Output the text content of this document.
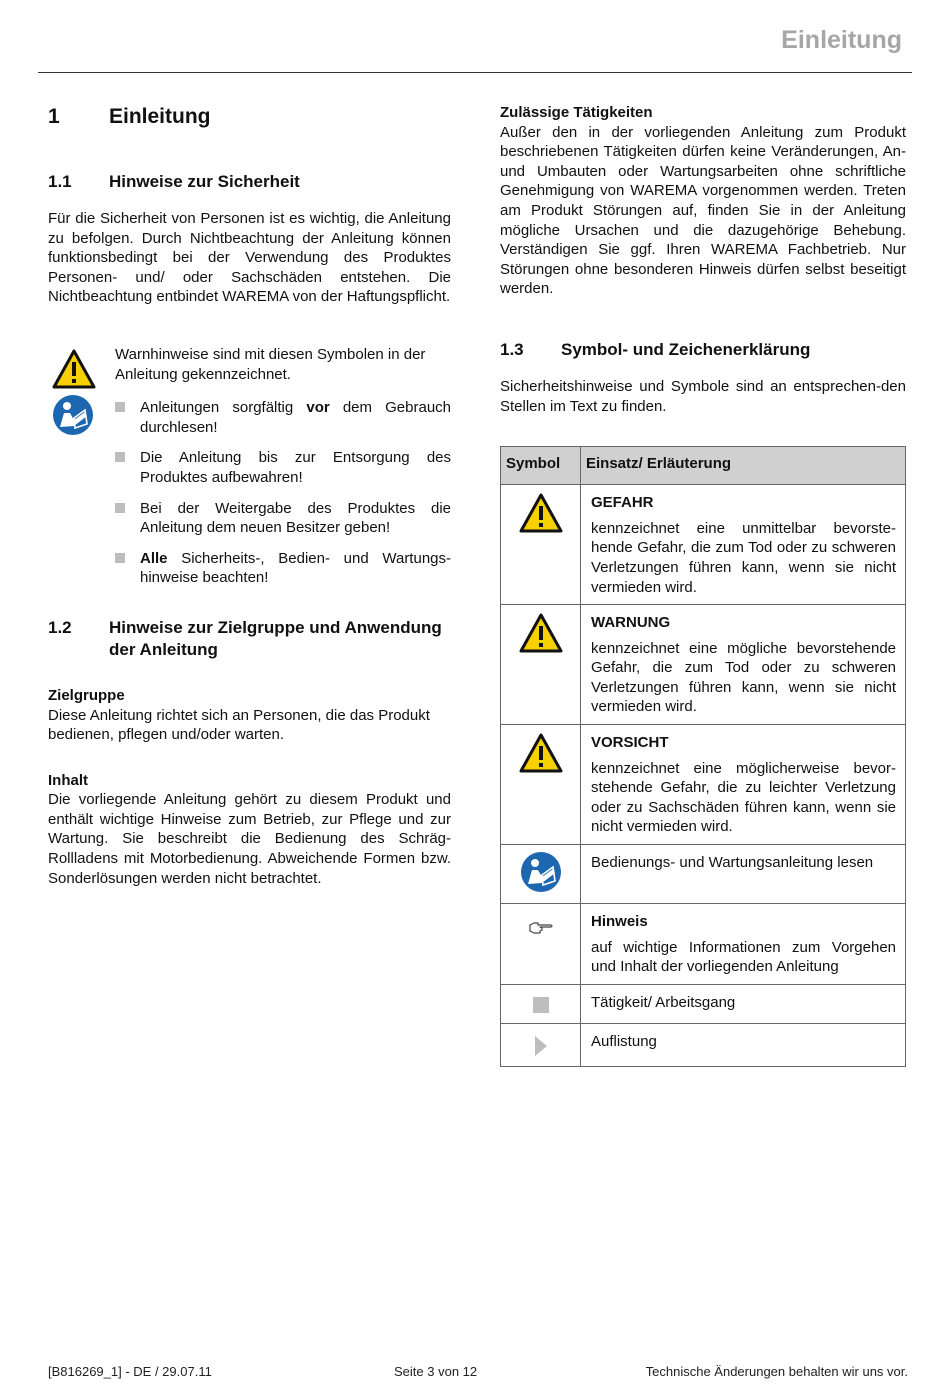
Einleitung
1	Einleitung
1.1	Hinweise zur Sicherheit

Für die Sicherheit von Personen ist es wichtig, die Anleitung zu befolgen. Durch Nichtbeachtung der Anleitung können funktionsbedingt bei der Verwendung des Produktes Personen- und/ oder Sachschäden entstehen. Die Nichtbeachtung entbindet WAREMA von der Haftungspflicht.

Warnhinweise sind mit diesen Symbolen in der Anleitung gekennzeichnet.

Anleitungen sorgfältig vor dem Gebrauch durchlesen!
Die Anleitung bis zur Entsorgung des Produktes aufbewahren!
Bei der Weitergabe des Produktes die Anleitung dem neuen Besitzer geben!
Alle Sicherheits-, Bedien- und Wartungs-hinweise beachten!
1.2	Hinweise zur Zielgruppe und Anwendung der Anleitung
Zielgruppe

Diese Anleitung richtet sich an Personen, die das Produkt bedienen, pflegen und/oder warten.

Inhalt

Die vorliegende Anleitung gehört zu diesem Produkt und enthält wichtige Hinweise zum Betrieb, zur Pflege und zur Wartung. Sie beschreibt die Bedienung des Schräg-Rollladens mit Motorbedienung. Abweichende Formen bzw. Sonderlösungen werden nicht betrachtet.

Zulässige Tätigkeiten

Außer den in der vorliegenden Anleitung zum Produkt beschriebenen Tätigkeiten dürfen keine Veränderungen, An- und Umbauten oder Wartungsarbeiten ohne schriftliche Genehmigung von WAREMA vorgenommen werden. Treten am Produkt Störungen auf, finden Sie in der Anleitung mögliche Ursachen und die dazugehörige Behebung. Verständigen Sie ggf. Ihren WAREMA Fachbetrieb. Nur Störungen ohne besonderen Hinweis dürfen selbst beseitigt werden.

1.3	Symbol- und Zeichenerklärung

Sicherheitshinweise und Symbole sind an entsprechen-den Stellen im Text zu finden.

Symbol	Einsatz/ Erläuterung

GEFAHR
kennzeichnet eine unmittelbar bevorste-hende Gefahr, die zum Tod oder zu schweren Verletzungen führen kann, wenn sie nicht vermieden wird.

WARNUNG
kennzeichnet eine mögliche bevorstehende Gefahr, die zum Tod oder zu schweren Verletzungen führen kann, wenn sie nicht vermieden wird.

VORSICHT
kennzeichnet eine möglicherweise bevor-stehende Gefahr, die zu leichter Verletzung oder zu Sachschäden führen kann, wenn sie nicht vermieden wird.

Bedienungs- und Wartungsanleitung lesen

Hinweis
auf wichtige Informationen zum Vorgehen und Inhalt der vorliegenden Anleitung

Tätigkeit/ Arbeitsgang

Auflistung
[B816269_1] - DE / 29.07.11	Seite 3 von 12	Technische Änderungen behalten wir uns vor.
